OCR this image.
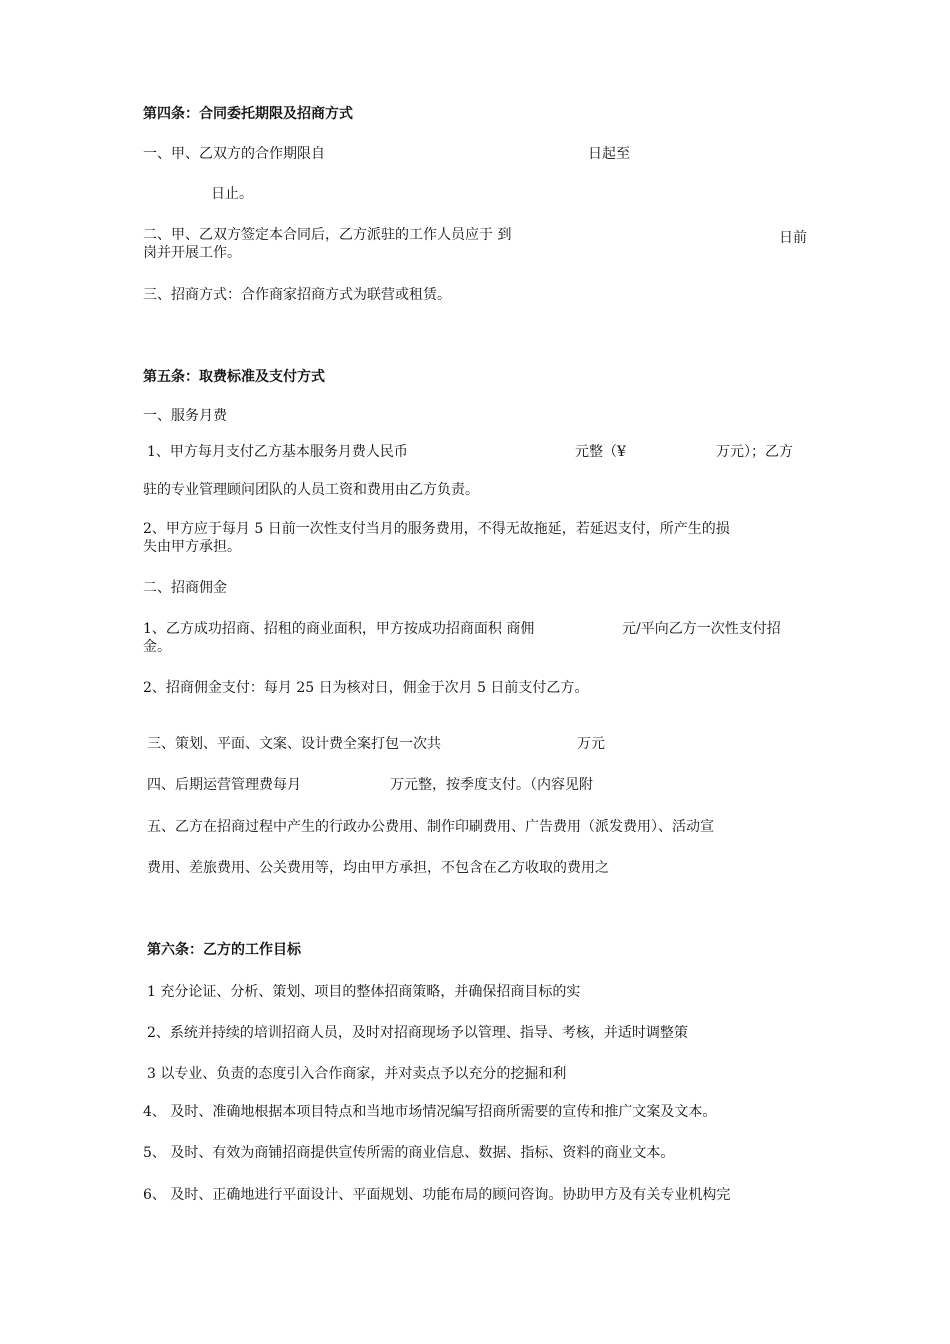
第四条：合同委托期限及招商方式
一、甲、乙双方的合作期限自	日起至
日止。
二、甲、乙双方签定本合同后，乙方派驻的工作人员应于 到	日前
岗并开展工作。
三、招商方式：合作商家招商方式为联营或租赁。
第五条：取费标准及支付方式
一、服务月费
1、甲方每月支付乙方基本服务月费人民币	元整（¥	万元）；乙方
驻的专业管理顾问团队的人员工资和费用由乙方负责。
2、甲方应于每月 5 日前一次性支付当月的服务费用，不得无故拖延，若延迟支付，所产生的损
失由甲方承担。
二、招商佣金
1、乙方成功招商、招租的商业面积，甲方按成功招商面积 商佣	元/平向乙方一次性支付招
金。
2、招商佣金支付：每月 25 日为核对日，佣金于次月 5 日前支付乙方。
三、策划、平面、文案、设计费全案打包一次共	万元
四、后期运营管理费每月	万元整，按季度支付。（内容见附
五、乙方在招商过程中产生的行政办公费用、制作印刷费用、广告费用（派发费用）、活动宣
费用、差旅费用、公关费用等，均由甲方承担，不包含在乙方收取的费用之
第六条：乙方的工作目标
1 充分论证、分析、策划、项目的整体招商策略，并确保招商目标的实
2、系统并持续的培训招商人员，及时对招商现场予以管理、指导、考核，并适时调整策
3 以专业、负责的态度引入合作商家，并对卖点予以充分的挖掘和利
4、 及时、准确地根据本项目特点和当地市场情况编写招商所需要的宣传和推广文案及文本。
5、 及时、有效为商铺招商提供宣传所需的商业信息、数据、指标、资料的商业文本。
6、 及时、正确地进行平面设计、平面规划、功能布局的顾问咨询。协助甲方及有关专业机构完
